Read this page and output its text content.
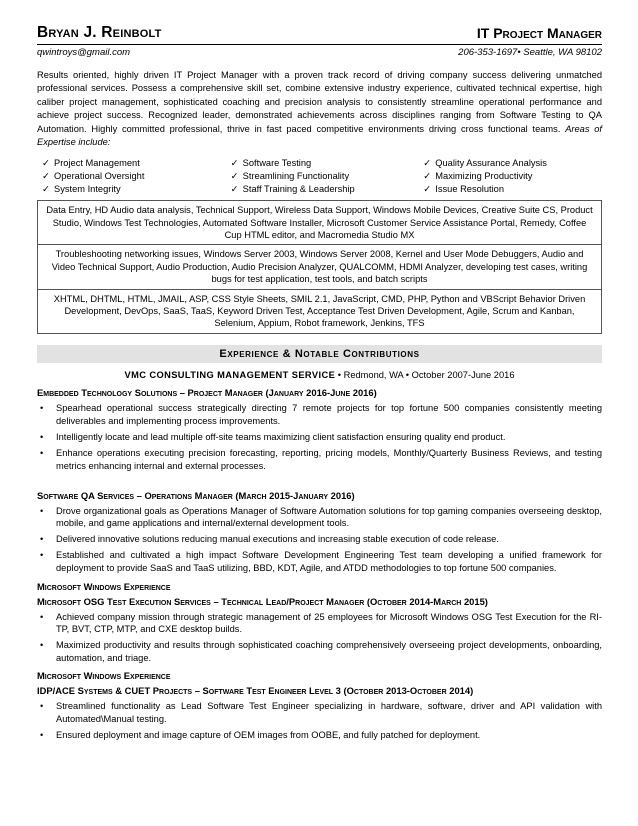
Bryan J. Reinbolt	IT Project Manager
qwintroys@gmail.com	206-353-1697• Seattle, WA 98102
Results oriented, highly driven IT Project Manager with a proven track record of driving company success delivering unmatched professional services. Possess a comprehensive skill set, combine extensive industry experience, cultivated technical expertise, high caliber project management, sophisticated coaching and precision analysis to consistently streamline operational performance and achieve project success. Recognized leader, demonstrated achievements across disciplines ranging from Software Testing to QA Automation. Highly committed professional, thrive in fast paced competitive environments driving cross functional teams. Areas of Expertise include:
✓ Project Management
✓ Operational Oversight
✓ System Integrity
✓ Software Testing
✓ Streamlining Functionality
✓ Staff Training & Leadership
✓ Quality Assurance Analysis
✓ Maximizing Productivity
✓ Issue Resolution
Data Entry, HD Audio data analysis, Technical Support, Wireless Data Support, Windows Mobile Devices, Creative Suite CS, Product Studio, Windows Test Technologies, Automated Software Installer, Microsoft Customer Service Assistance Portal, Remedy, Coffee Cup HTML editor, and Macromedia Studio MX
Troubleshooting networking issues, Windows Server 2003, Windows Server 2008, Kernel and User Mode Debuggers, Audio and Video Technical Support, Audio Production, Audio Precision Analyzer, QUALCOMM, HDMI Analyzer, developing test cases, writing bugs for test application, test tools, and batch scripts
XHTML, DHTML, HTML, JMAIL, ASP, CSS Style Sheets, SMIL 2.1, JavaScript, CMD, PHP, Python and VBScript Behavior Driven Development, DevOps, SaaS, TaaS, Keyword Driven Test, Acceptance Test Driven Development, Agile, Scrum and Kanban, Selenium, Appium, Robot framework, Jenkins, TFS
Experience & Notable Contributions
VMC CONSULTING MANAGEMENT SERVICE • Redmond, WA • October 2007-June 2016
Embedded Technology Solutions – Project Manager (January 2016-June 2016)
• Spearhead operational success strategically directing 7 remote projects for top fortune 500 companies consistently meeting deliverables and implementing process improvements.
• Intelligently locate and lead multiple off-site teams maximizing client satisfaction ensuring quality end product.
• Enhance operations executing precision forecasting, reporting, pricing models, Monthly/Quarterly Business Reviews, and testing metrics enhancing internal and external processes.
Software QA Services – Operations Manager (March 2015-January 2016)
• Drove organizational goals as Operations Manager of Software Automation solutions for top gaming companies overseeing desktop, mobile, and game applications and internal/external development tools.
• Delivered innovative solutions reducing manual executions and increasing stable execution of code release.
• Established and cultivated a high impact Software Development Engineering Test team developing a unified framework for deployment to provide SaaS and TaaS utilizing, BBD, KDT, Agile, and ATDD methodologies to top fortune 500 companies.
Microsoft Windows Experience
Microsoft OSG Test Execution Services – Technical Lead/Project Manager (October 2014-March 2015)
• Achieved company mission through strategic management of 25 employees for Microsoft Windows OSG Test Execution for the RI-TP, BVT, CTP, MTP, and CXE desktop builds.
• Maximized productivity and results through sophisticated coaching comprehensively overseeing project developments, onboarding, automation, and triage.
Microsoft Windows Experience
IDP/ACE Systems & CUET Projects – Software Test Engineer Level 3 (October 2013-October 2014)
• Streamlined functionality as Lead Software Test Engineer specializing in hardware, software, driver and API validation with Automated\Manual testing.
• Ensured deployment and image capture of OEM images from OOBE, and fully patched for deployment.
